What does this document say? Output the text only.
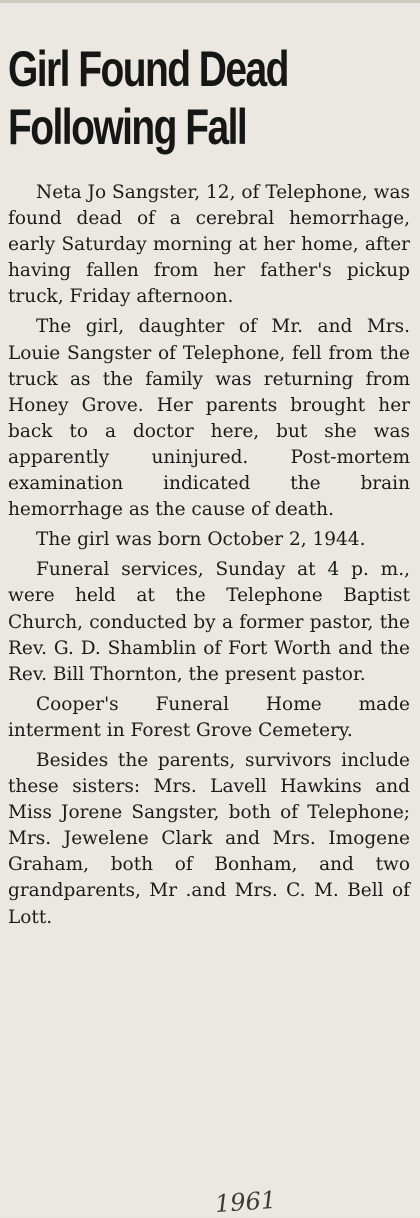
Girl Found Dead
Following Fall

Neta Jo Sangster, 12, of Telephone, was found dead of a cerebral hemorrhage, early Saturday morning at her home, after having fallen from her father's pickup truck, Friday afternoon.

The girl, daughter of Mr. and Mrs. Louie Sangster of Telephone, fell from the truck as the family was returning from Honey Grove. Her parents brought her back to a doctor here, but she was apparently uninjured. Post-mortem examination indicated the brain hemorrhage as the cause of death.

The girl was born October 2, 1944.

Funeral services, Sunday at 4 p. m., were held at the Telephone Baptist Church, conducted by a former pastor, the Rev. G. D. Shamblin of Fort Worth and the Rev. Bill Thornton, the present pastor.

Cooper's Funeral Home made interment in Forest Grove Cemetery.

Besides the parents, survivors include these sisters: Mrs. Lavell Hawkins and Miss Jorene Sangster, both of Telephone; Mrs. Jewelene Clark and Mrs. Imogene Graham, both of Bonham, and two grandparents, Mr .and Mrs. C. M. Bell of Lott.

1961
